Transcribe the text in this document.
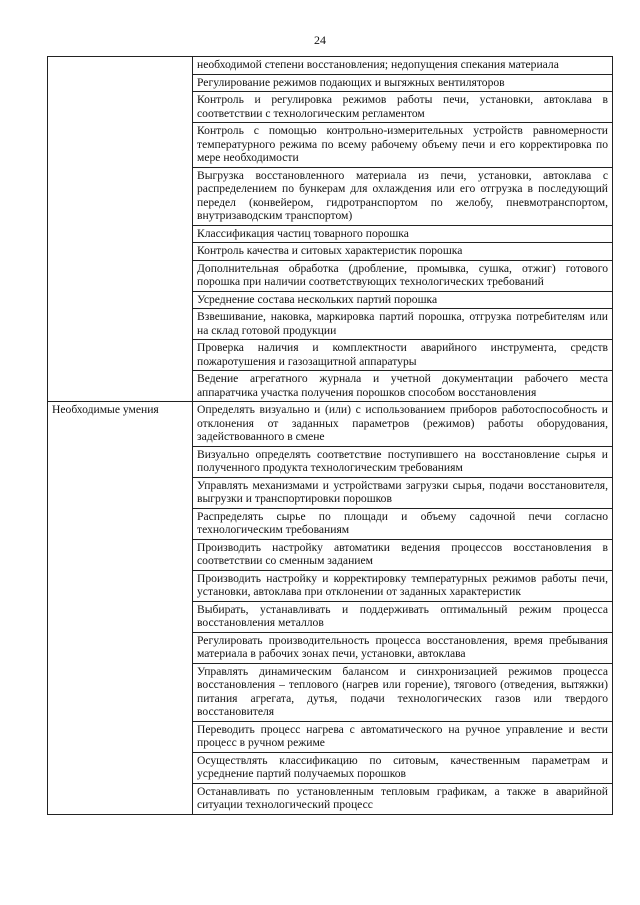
24
	необходимой степени восстановления; недопущения спекания материала
	Регулирование режимов подающих и выгяжных вентиляторов
	Контроль и регулировка режимов работы печи, установки, автоклава в соответствии с технологическим регламентом
	Контроль с помощью контрольно-измерительных устройств равномерности температурного режима по всему рабочему объему печи и его корректировка по мере необходимости
	Выгрузка восстановленного материала из печи, установки, автоклава с распределением по бункерам для охлаждения или его отгрузка в последующий передел (конвейером, гидротранспортом по желобу, пневмотранспортом, внутризаводским транспортом)
	Классификация частиц товарного порошка
	Контроль качества и ситовых характеристик порошка
	Дополнительная обработка (дробление, промывка, сушка, отжиг) готового порошка при наличии соответствующих технологических требований
	Усреднение состава нескольких партий порошка
	Взвешивание, наковка, маркировка партий порошка, отгрузка потребителям или на склад готовой продукции
	Проверка наличия и комплектности аварийного инструмента, средств пожаротушения и газозащитной аппаратуры
	Ведение агрегатного журнала и учетной документации рабочего места аппаратчика участка получения порошков способом восстановления
Необходимые умения	Определять визуально и (или) с использованием приборов работоспособность и отклонения от заданных параметров (режимов) работы оборудования, задействованного в смене
	Визуально определять соответствие поступившего на восстановление сырья и полученного продукта технологическим требованиям
	Управлять механизмами и устройствами загрузки сырья, подачи восстановителя, выгрузки и транспортировки порошков
	Распределять сырье по площади и объему садочной печи согласно технологическим требованиям
	Производить настройку автоматики ведения процессов восстановления в соответствии со сменным заданием
	Производить настройку и корректировку температурных режимов работы печи, установки, автоклава при отклонении от заданных характеристик
	Выбирать, устанавливать и поддерживать оптимальный режим процесса восстановления металлов
	Регулировать производительность процесса восстановления, время пребывания материала в рабочих зонах печи, установки, автоклава
	Управлять динамическим балансом и синхронизацией режимов процесса восстановления – теплового (нагрев или горение), тягового (отведения, вытяжки) питания агрегата, дутья, подачи технологических газов или твердого восстановителя
	Переводить процесс нагрева с автоматического на ручное управление и вести процесс в ручном режиме
	Осуществлять классификацию по ситовым, качественным параметрам и усреднение партий получаемых порошков
	Останавливать по установленным тепловым графикам, а также в аварийной ситуации технологический процесс
